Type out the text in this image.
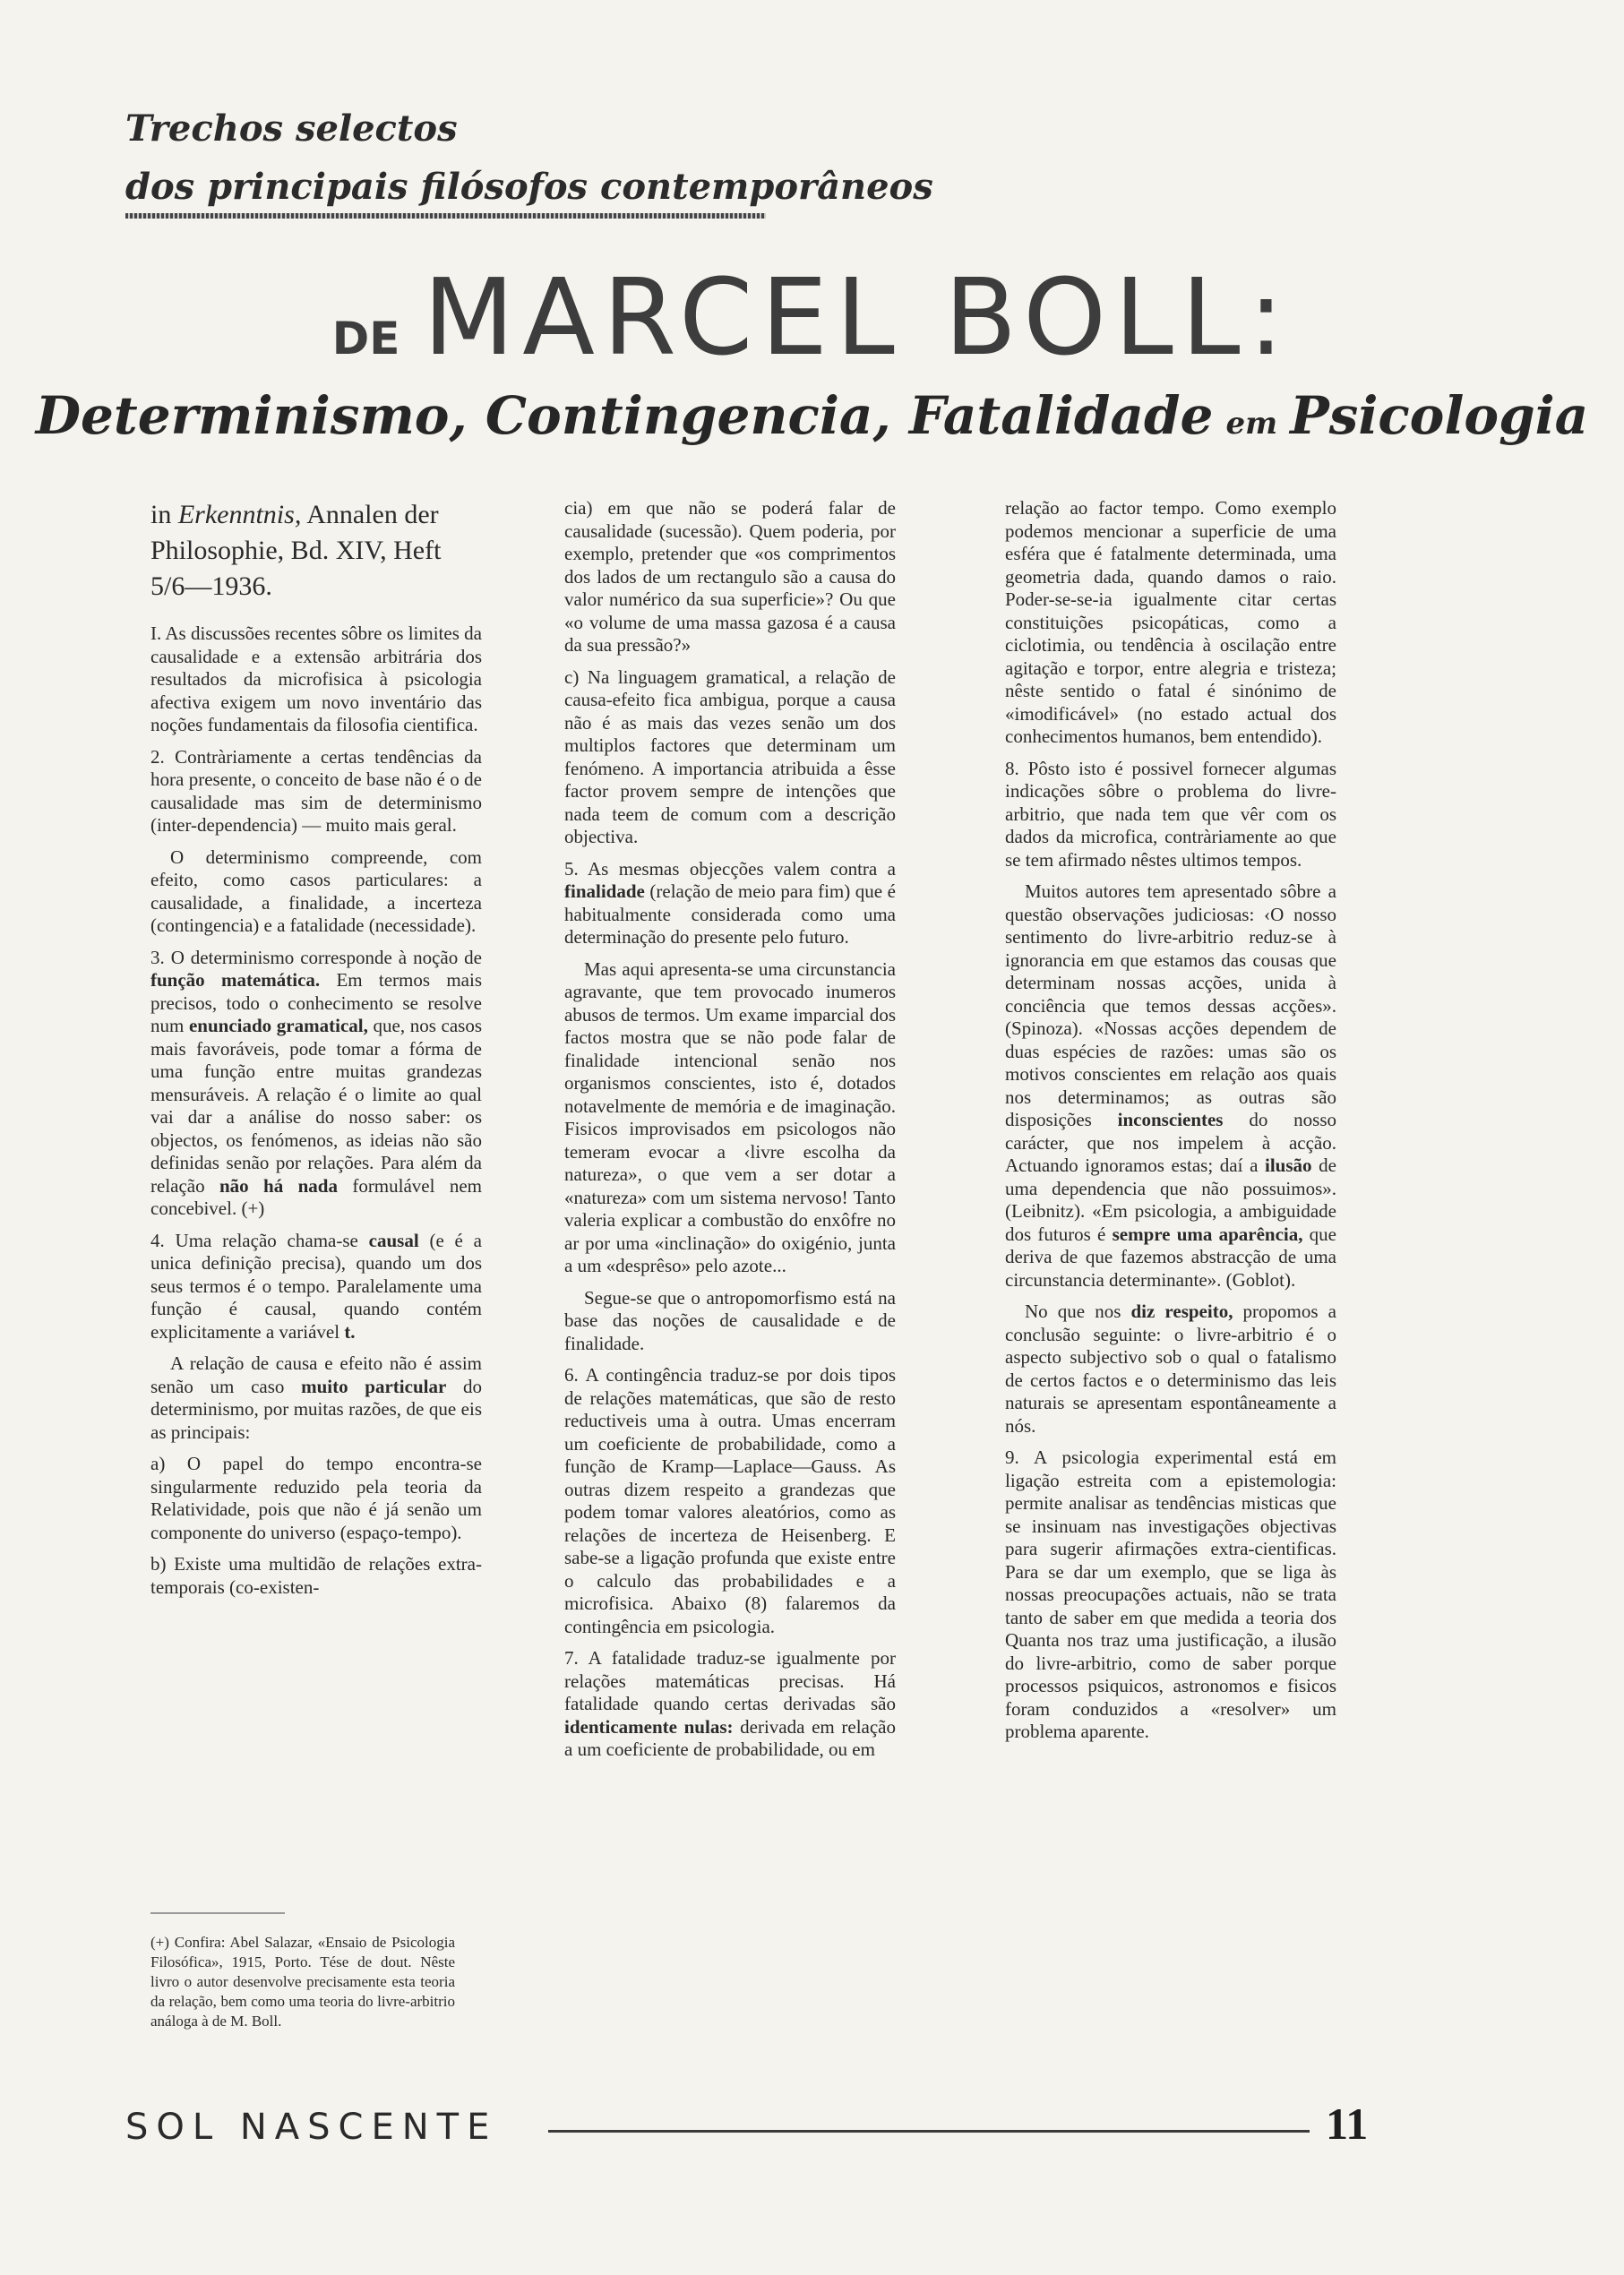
Trechos selectos
dos principais filósofos contemporâneos
DE MARCEL BOLL:
Determinismo, Contingencia, Fatalidade em Psicologia

in Erkenntnis, Annalen der Philosophie, Bd. XIV, Heft 5/6—1936.

I. As discussões recentes sôbre os limites da causalidade e a extensão arbitrária dos resultados da microfisica à psicologia afectiva exigem um novo inventário das noções fundamentais da filosofia cientifica.

2. Contràriamente a certas tendências da hora presente, o conceito de base não é o de causalidade mas sim de determinismo (inter-dependencia) — muito mais geral.

O determinismo compreende, com efeito, como casos particulares: a causalidade, a finalidade, a incerteza (contingencia) e a fatalidade (necessidade).

3. O determinismo corresponde à noção de função matemática. Em termos mais precisos, todo o conhecimento se resolve num enunciado gramatical, que, nos casos mais favoráveis, pode tomar a fórma de uma função entre muitas grandezas mensuráveis. A relação é o limite ao qual vai dar a análise do nosso saber: os objectos, os fenómenos, as ideias não são definidas senão por relações. Para além da relação não há nada formulável nem concebivel. (+)

4. Uma relação chama-se causal (e é a unica definição precisa), quando um dos seus termos é o tempo. Paralelamente uma função é causal, quando contém explicitamente a variável t.

A relação de causa e efeito não é assim senão um caso muito particular do determinismo, por muitas razões, de que eis as principais:

a) O papel do tempo encontra-se singularmente reduzido pela teoria da Relatividade, pois que não é já senão um componente do universo (espaço-tempo).

b) Existe uma multidão de relações extra-temporais (co-existen-

(+) Confira: Abel Salazar, «Ensaio de Psicologia Filosófica», 1915, Porto. Tése de dout. Nêste livro o autor desenvolve precisamente esta teoria da relação, bem como uma teoria do livre-arbitrio análoga à de M. Boll.

cia) em que não se poderá falar de causalidade (sucessão). Quem poderia, por exemplo, pretender que «os comprimentos dos lados de um rectangulo são a causa do valor numérico da sua superficie»? Ou que «o volume de uma massa gazosa é a causa da sua pressão?»

c) Na linguagem gramatical, a relação de causa-efeito fica ambigua, porque a causa não é as mais das vezes senão um dos multiplos factores que determinam um fenómeno. A importancia atribuida a êsse factor provem sempre de intenções que nada teem de comum com a descrição objectiva.

5. As mesmas objecções valem contra a finalidade (relação de meio para fim) que é habitualmente considerada como uma determinação do presente pelo futuro.

Mas aqui apresenta-se uma circunstancia agravante, que tem provocado inumeros abusos de termos. Um exame imparcial dos factos mostra que se não pode falar de finalidade intencional senão nos organismos conscientes, isto é, dotados notavelmente de memória e de imaginação. Fisicos improvisados em psicologos não temeram evocar a ‹livre escolha da natureza», o que vem a ser dotar a «natureza» com um sistema nervoso! Tanto valeria explicar a combustão do enxôfre no ar por uma «inclinação» do oxigénio, junta a um «desprêso» pelo azote...

Segue-se que o antropomorfismo está na base das noções de causalidade e de finalidade.

6. A contingência traduz-se por dois tipos de relações matemáticas, que são de resto reductiveis uma à outra. Umas encerram um coeficiente de probabilidade, como a função de Kramp—Laplace—Gauss. As outras dizem respeito a grandezas que podem tomar valores aleatórios, como as relações de incerteza de Heisenberg. E sabe-se a ligação profunda que existe entre o calculo das probabilidades e a microfisica. Abaixo (8) falaremos da contingência em psicologia.

7. A fatalidade traduz-se igualmente por relações matemáticas precisas. Há fatalidade quando certas derivadas são identicamente nulas: derivada em relação a um coeficiente de probabilidade, ou em

relação ao factor tempo. Como exemplo podemos mencionar a superficie de uma esféra que é fatalmente determinada, uma geometria dada, quando damos o raio. Poder-se-se-ia igualmente citar certas constituições psicopáticas, como a ciclotimia, ou tendência à oscilação entre agitação e torpor, entre alegria e tristeza; nêste sentido o fatal é sinónimo de «imodificável» (no estado actual dos conhecimentos humanos, bem entendido).

8. Pôsto isto é possivel fornecer algumas indicações sôbre o problema do livre-arbitrio, que nada tem que vêr com os dados da microfica, contràriamente ao que se tem afirmado nêstes ultimos tempos.

Muitos autores tem apresentado sôbre a questão observações judiciosas: ‹O nosso sentimento do livre-arbitrio reduz-se à ignorancia em que estamos das cousas que determinam nossas acções, unida à conciência que temos dessas acções». (Spinoza). «Nossas acções dependem de duas espécies de razões: umas são os motivos conscientes em relação aos quais nos determinamos; as outras são disposições inconscientes do nosso carácter, que nos impelem à acção. Actuando ignoramos estas; daí a ilusão de uma dependencia que não possuimos». (Leibnitz). «Em psicologia, a ambiguidade dos futuros é sempre uma aparência, que deriva de que fazemos abstracção de uma circunstancia determinante». (Goblot).

No que nos diz respeito, propomos a conclusão seguinte: o livre-arbitrio é o aspecto subjectivo sob o qual o fatalismo de certos factos e o determinismo das leis naturais se apresentam espontâneamente a nós.

9. A psicologia experimental está em ligação estreita com a epistemologia: permite analisar as tendências misticas que se insinuam nas investigações objectivas para sugerir afirmações extra-cientificas. Para se dar um exemplo, que se liga às nossas preocupações actuais, não se trata tanto de saber em que medida a teoria dos Quanta nos traz uma justificação, a ilusão do livre-arbitrio, como de saber porque processos psiquicos, astronomos e fisicos foram conduzidos a «resolver» um problema aparente.

SOL NASCENTE	11
